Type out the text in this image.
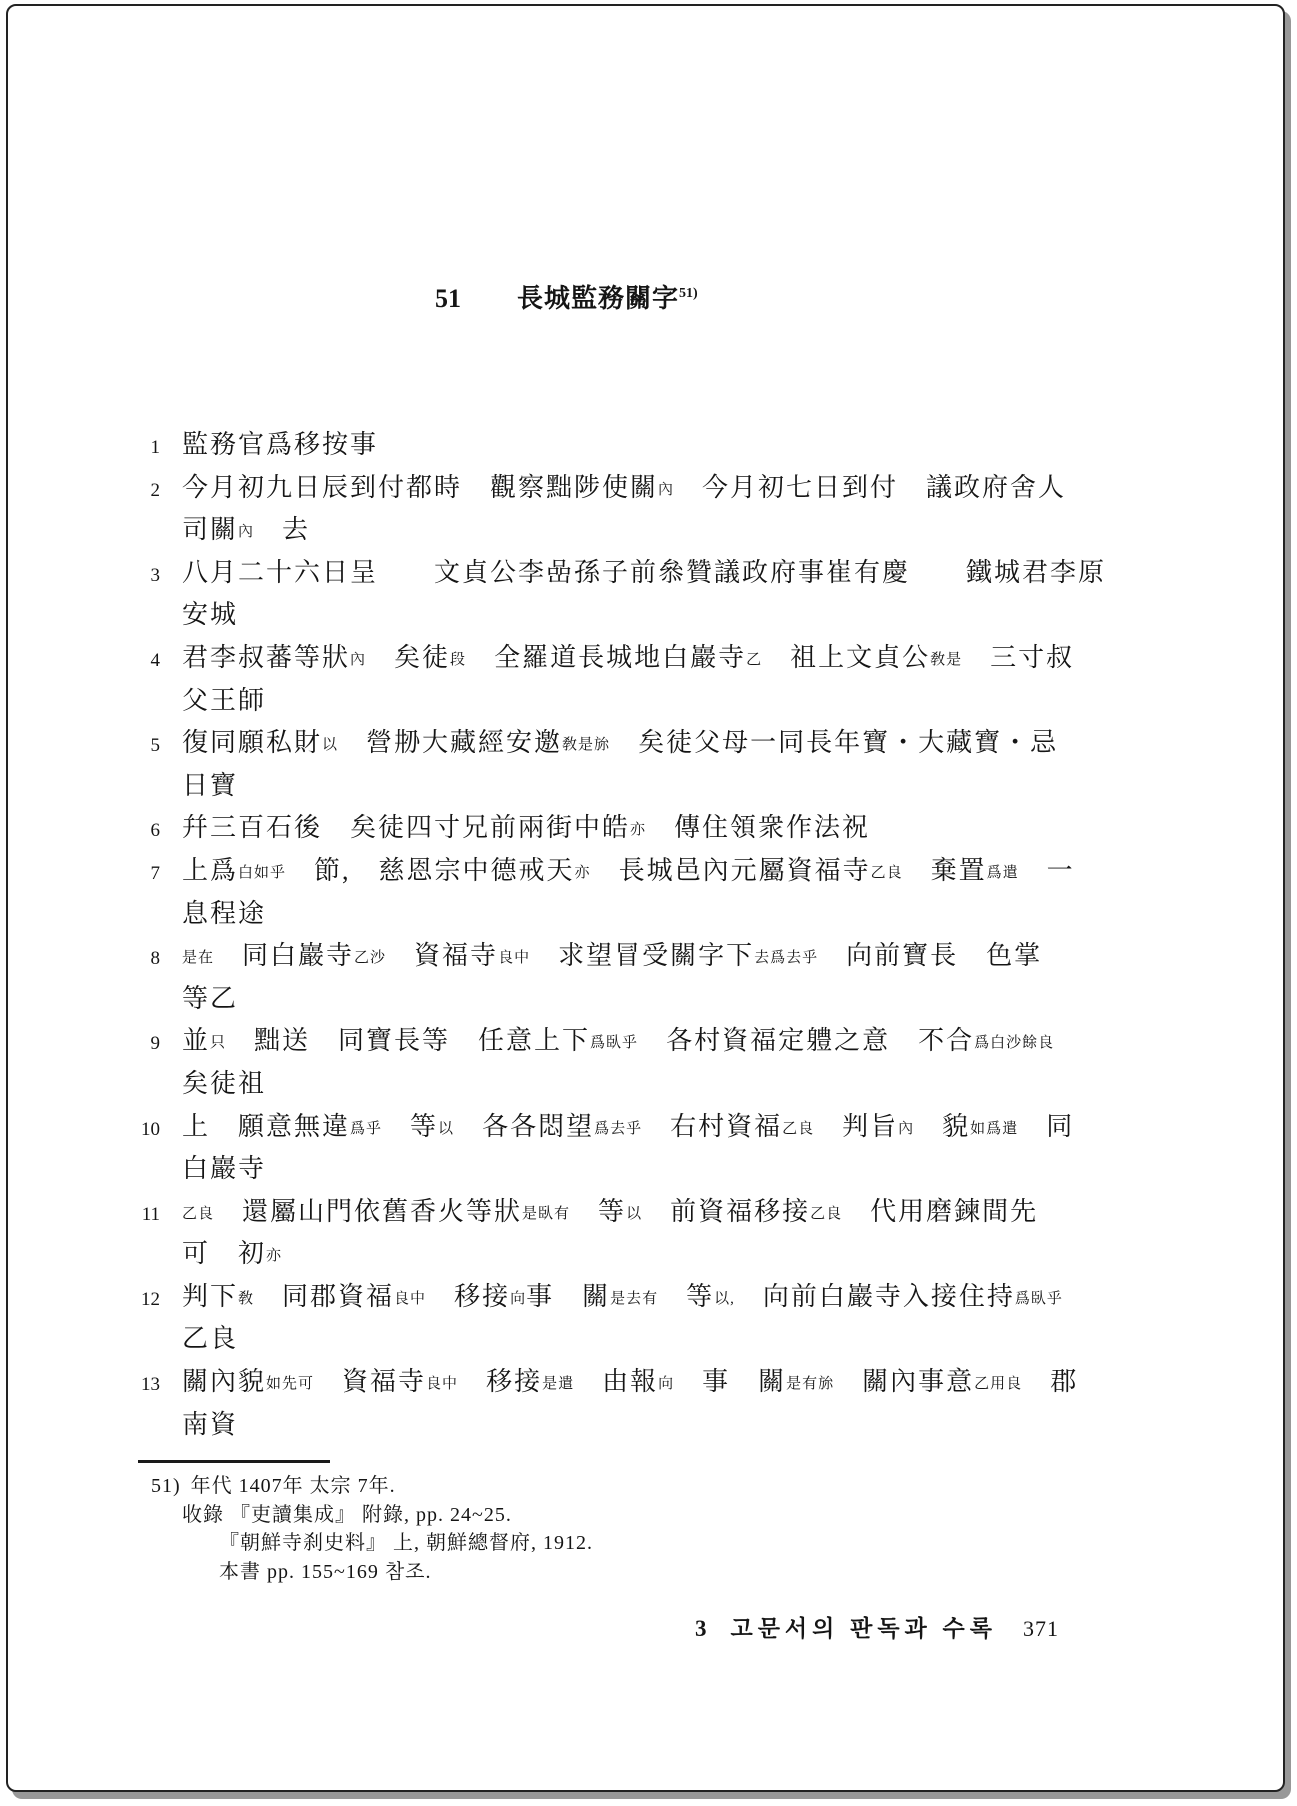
51 長城監務關字$^{51)}$
1 監務官爲移按事
2 今月初九日辰到付都時　觀察黜陟使關內　今月初七日到付　議政府舍人
司關內　去
3 八月二十六日呈　　文貞公李嵒孫子前叅贊議政府事崔有慶　　鐵城君李原
安城
4 君李叔蕃等狀內　矣徒段　全羅道長城地白巖寺乙　祖上文貞公敎是　三寸叔
父王師
5 復同願私財以　營刱大藏經安邀敎是旀　矣徒父母一同長年寶・大藏寶・忌
日寶
6 幷三百石後　矣徒四寸兄前兩街中皓亦　傳住領衆作法祝
7 上爲白如乎　節,　慈恩宗中德戒天亦　長城邑內元屬資福寺乙良　棄置爲遣　一
息程途
8 是在　同白巖寺乙沙　資福寺良中　求望冒受關字下去爲去乎　向前寶長　色掌
等乙
9 並只　黜送　同寶長等　任意上下爲臥乎　各村資福定軆之意　不合爲白沙餘良
矣徒祖
10 上　願意無違爲乎　等以　各各悶望爲去乎　右村資福乙良　判旨內　貌如爲遣　同
白巖寺
11 乙良　還屬山門依舊香火等狀是臥有　等以　前資福移接乙良　代用磨鍊間先
可　初亦
12 判下敎　同郡資福良中　移接向事　關是去有　等以,　向前白巖寺入接住持爲臥乎
乙良
13 關內貌如先可　資福寺良中　移接是遣　由報向　事　關是有旀　關內事意乙用良　郡
南資
51) 年代 1407年 太宗 7年.
收錄 『吏讀集成』 附錄, pp. 24~25.
『朝鮮寺刹史料』 上, 朝鮮總督府, 1912.
本書 pp. 155~169 참조.
3 고문서의 판독과 수록 371
